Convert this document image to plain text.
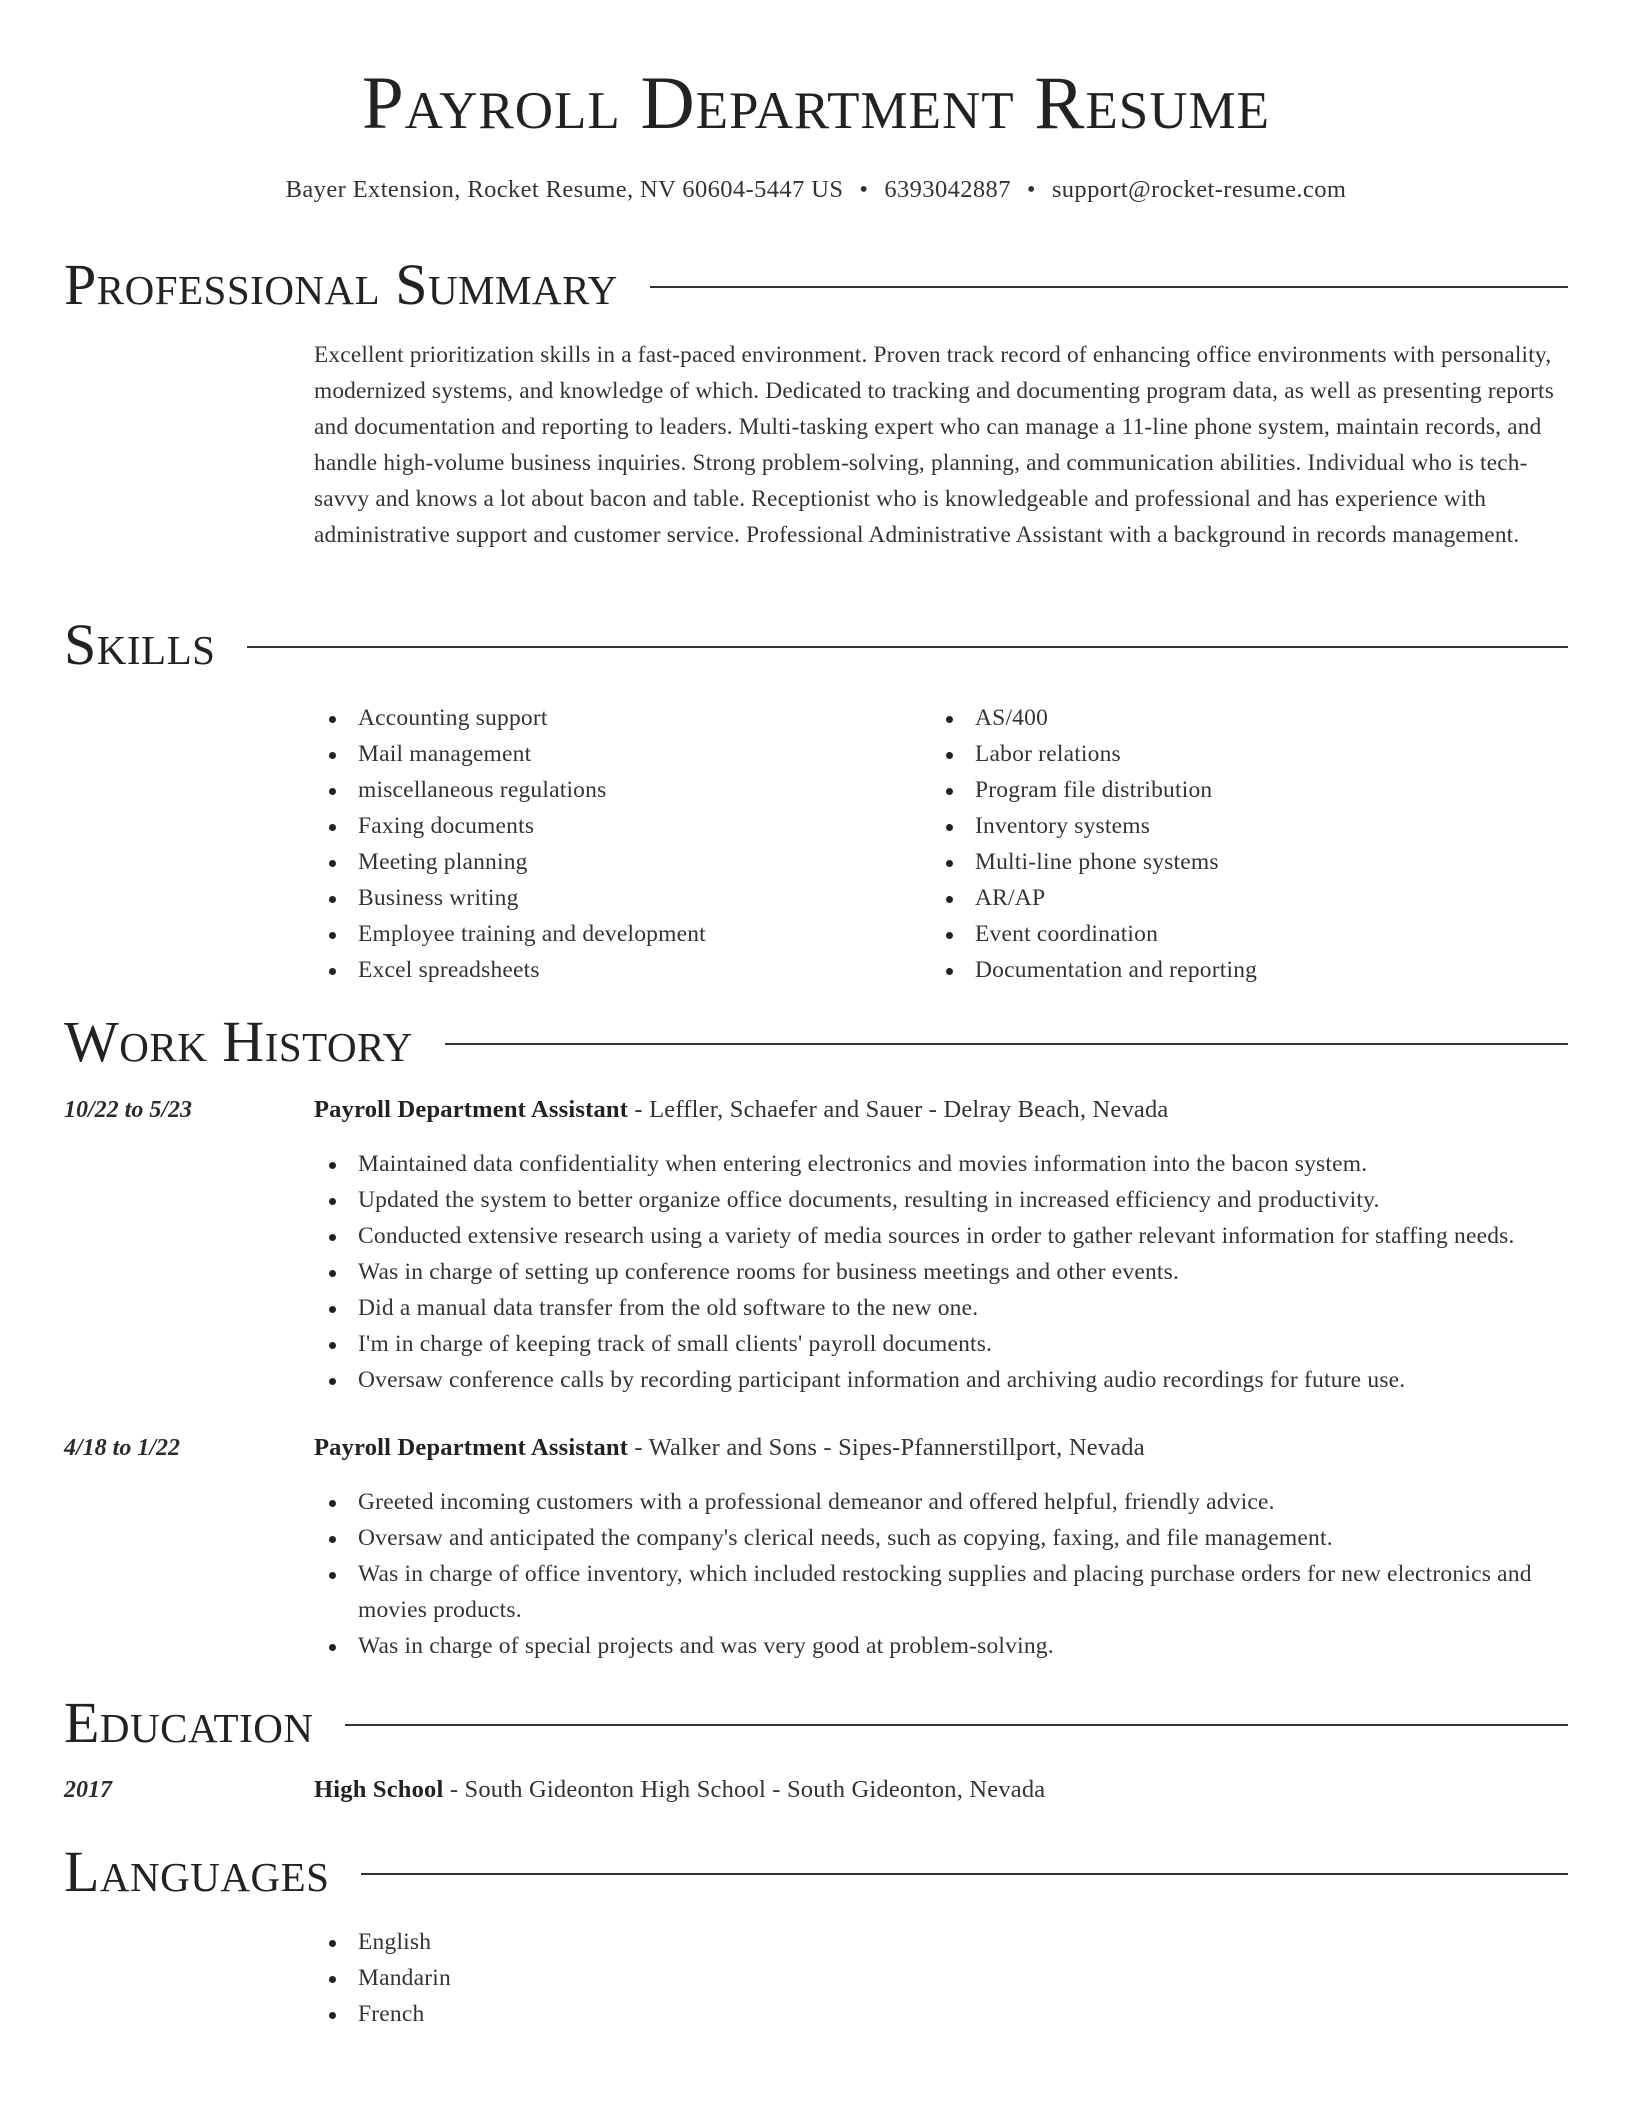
Payroll Department Resume
Bayer Extension, Rocket Resume, NV 60604-5447 US • 6393042887 • support@rocket-resume.com
Professional Summary

Excellent prioritization skills in a fast-paced environment. Proven track record of enhancing office environments with personality, modernized systems, and knowledge of which. Dedicated to tracking and documenting program data, as well as presenting reports and documentation and reporting to leaders. Multi-tasking expert who can manage a 11-line phone system, maintain records, and handle high-volume business inquiries. Strong problem-solving, planning, and communication abilities. Individual who is tech-savvy and knows a lot about bacon and table. Receptionist who is knowledgeable and professional and has experience with administrative support and customer service. Professional Administrative Assistant with a background in records management.

Skills
Accounting support
Mail management
miscellaneous regulations
Faxing documents
Meeting planning
Business writing
Employee training and development
Excel spreadsheets
AS/400
Labor relations
Program file distribution
Inventory systems
Multi-line phone systems
AR/AP
Event coordination
Documentation and reporting
Work History
10/22 to 5/23	Payroll Department Assistant - Leffler, Schaefer and Sauer - Delray Beach, Nevada
Maintained data confidentiality when entering electronics and movies information into the bacon system.
Updated the system to better organize office documents, resulting in increased efficiency and productivity.
Conducted extensive research using a variety of media sources in order to gather relevant information for staffing needs.
Was in charge of setting up conference rooms for business meetings and other events.
Did a manual data transfer from the old software to the new one.
I'm in charge of keeping track of small clients' payroll documents.
Oversaw conference calls by recording participant information and archiving audio recordings for future use.
4/18 to 1/22	Payroll Department Assistant - Walker and Sons - Sipes-Pfannerstillport, Nevada
Greeted incoming customers with a professional demeanor and offered helpful, friendly advice.
Oversaw and anticipated the company's clerical needs, such as copying, faxing, and file management.
Was in charge of office inventory, which included restocking supplies and placing purchase orders for new electronics and movies products.
Was in charge of special projects and was very good at problem-solving.
Education
2017	High School - South Gideonton High School - South Gideonton, Nevada
Languages
English
Mandarin
French
